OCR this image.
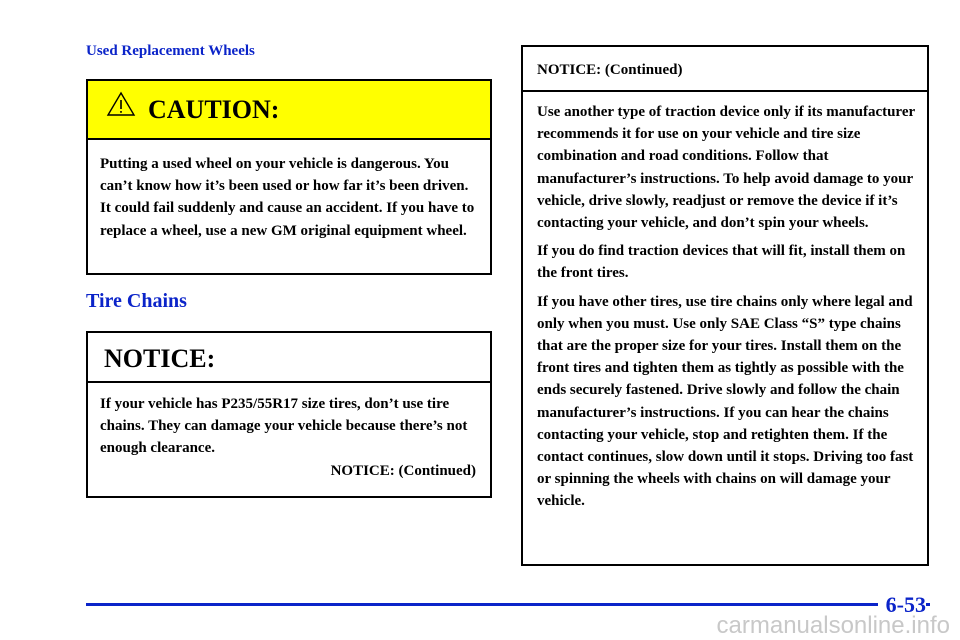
Used Replacement Wheels
CAUTION:
Putting a used wheel on your vehicle is dangerous. You can’t know how it’s been used or how far it’s been driven. It could fail suddenly and cause an accident. If you have to replace a wheel, use a new GM original equipment wheel.
Tire Chains
NOTICE:
If your vehicle has P235/55R17 size tires, don’t use tire chains. They can damage your vehicle because there’s not enough clearance.
NOTICE: (Continued)
NOTICE: (Continued)

Use another type of traction device only if its manufacturer recommends it for use on your vehicle and tire size combination and road conditions. Follow that manufacturer’s instructions. To help avoid damage to your vehicle, drive slowly, readjust or remove the device if it’s contacting your vehicle, and don’t spin your wheels.

If you do find traction devices that will fit, install them on the front tires.

If you have other tires, use tire chains only where legal and only when you must. Use only SAE Class “S” type chains that are the proper size for your tires. Install them on the front tires and tighten them as tightly as possible with the ends securely fastened. Drive slowly and follow the chain manufacturer’s instructions. If you can hear the chains contacting your vehicle, stop and retighten them. If the contact continues, slow down until it stops. Driving too fast or spinning the wheels with chains on will damage your vehicle.

6-53
carmanualsonline.info
